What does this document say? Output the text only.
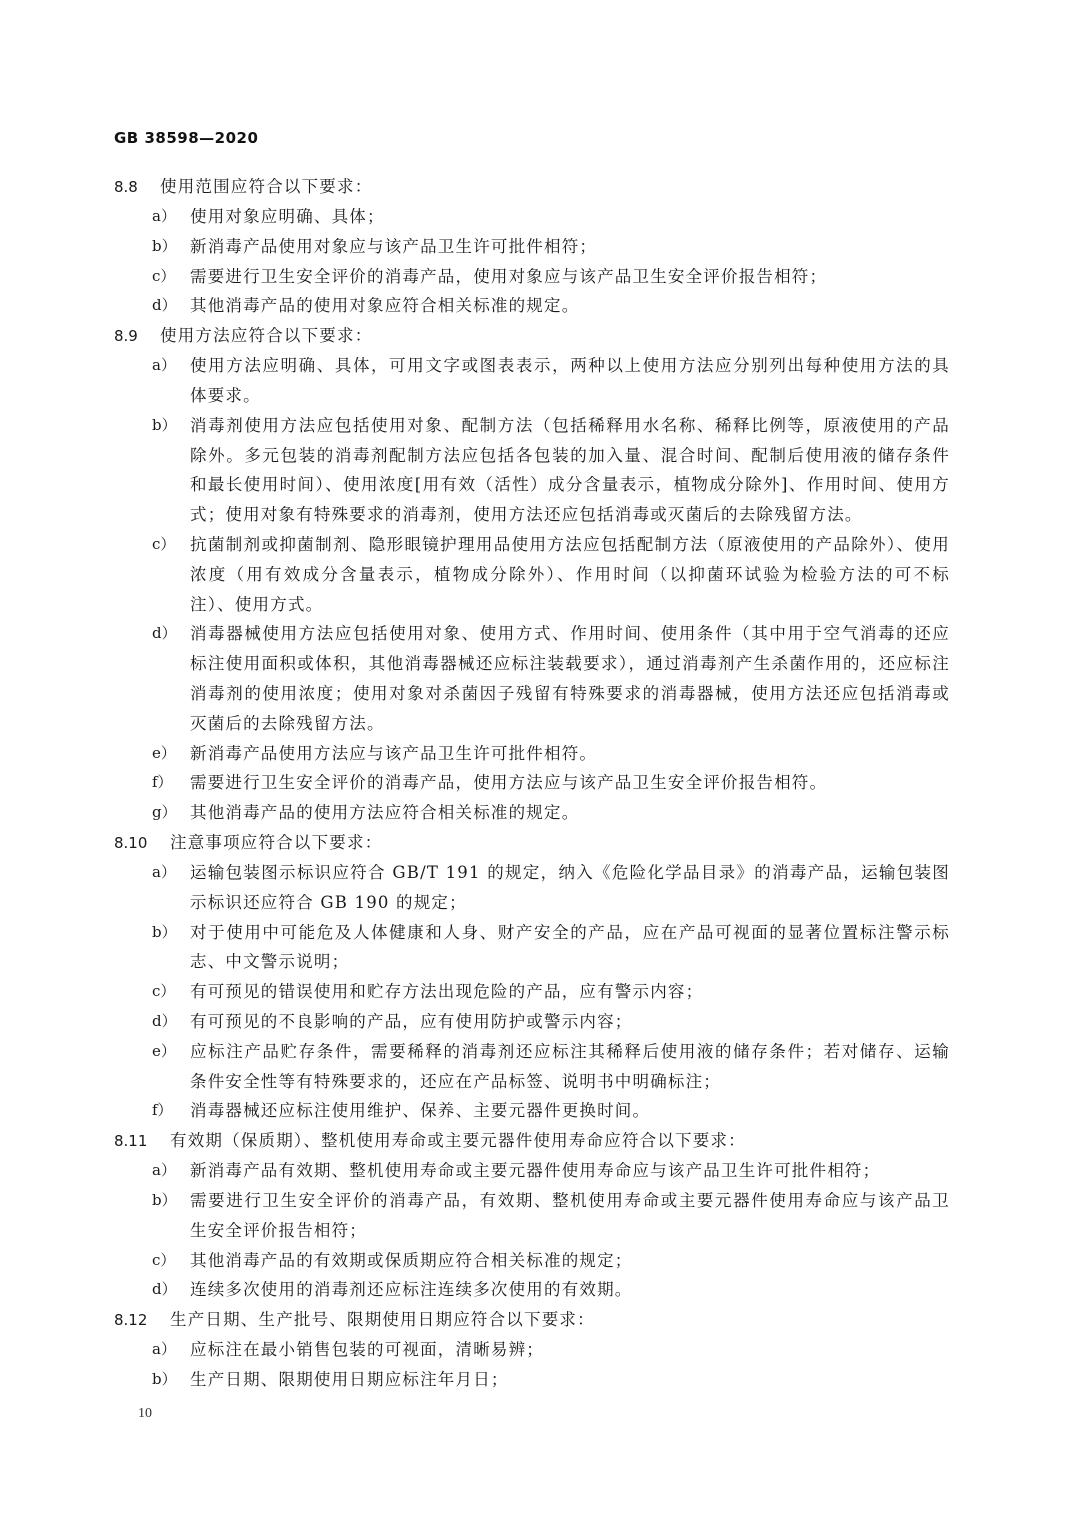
GB 38598—2020
8.8 使用范围应符合以下要求：
a） 使用对象应明确、具体；
b） 新消毒产品使用对象应与该产品卫生许可批件相符；
c） 需要进行卫生安全评价的消毒产品，使用对象应与该产品卫生安全评价报告相符；
d） 其他消毒产品的使用对象应符合相关标准的规定。
8.9 使用方法应符合以下要求：
a） 使用方法应明确、具体，可用文字或图表表示，两种以上使用方法应分别列出每种使用方法的具体要求。
b） 消毒剂使用方法应包括使用对象、配制方法（包括稀释用水名称、稀释比例等，原液使用的产品除外。多元包装的消毒剂配制方法应包括各包装的加入量、混合时间、配制后使用液的储存条件和最长使用时间）、使用浓度[用有效（活性）成分含量表示，植物成分除外]、作用时间、使用方式；使用对象有特殊要求的消毒剂，使用方法还应包括消毒或灭菌后的去除残留方法。
c） 抗菌制剂或抑菌制剂、隐形眼镜护理用品使用方法应包括配制方法（原液使用的产品除外）、使用浓度（用有效成分含量表示，植物成分除外）、作用时间（以抑菌环试验为检验方法的可不标注）、使用方式。
d） 消毒器械使用方法应包括使用对象、使用方式、作用时间、使用条件（其中用于空气消毒的还应标注使用面积或体积，其他消毒器械还应标注装载要求），通过消毒剂产生杀菌作用的，还应标注消毒剂的使用浓度；使用对象对杀菌因子残留有特殊要求的消毒器械，使用方法还应包括消毒或灭菌后的去除残留方法。
e） 新消毒产品使用方法应与该产品卫生许可批件相符。
f） 需要进行卫生安全评价的消毒产品，使用方法应与该产品卫生安全评价报告相符。
g） 其他消毒产品的使用方法应符合相关标准的规定。
8.10 注意事项应符合以下要求：
a） 运输包装图示标识应符合 GB/T 191 的规定，纳入《危险化学品目录》的消毒产品，运输包装图示标识还应符合 GB 190 的规定；
b） 对于使用中可能危及人体健康和人身、财产安全的产品，应在产品可视面的显著位置标注警示标志、中文警示说明；
c） 有可预见的错误使用和贮存方法出现危险的产品，应有警示内容；
d） 有可预见的不良影响的产品，应有使用防护或警示内容；
e） 应标注产品贮存条件，需要稀释的消毒剂还应标注其稀释后使用液的储存条件；若对储存、运输条件安全性等有特殊要求的，还应在产品标签、说明书中明确标注；
f） 消毒器械还应标注使用维护、保养、主要元器件更换时间。
8.11 有效期（保质期）、整机使用寿命或主要元器件使用寿命应符合以下要求：
a） 新消毒产品有效期、整机使用寿命或主要元器件使用寿命应与该产品卫生许可批件相符；
b） 需要进行卫生安全评价的消毒产品，有效期、整机使用寿命或主要元器件使用寿命应与该产品卫生安全评价报告相符；
c） 其他消毒产品的有效期或保质期应符合相关标准的规定；
d） 连续多次使用的消毒剂还应标注连续多次使用的有效期。
8.12 生产日期、生产批号、限期使用日期应符合以下要求：
a） 应标注在最小销售包装的可视面，清晰易辨；
b） 生产日期、限期使用日期应标注年月日；
10
